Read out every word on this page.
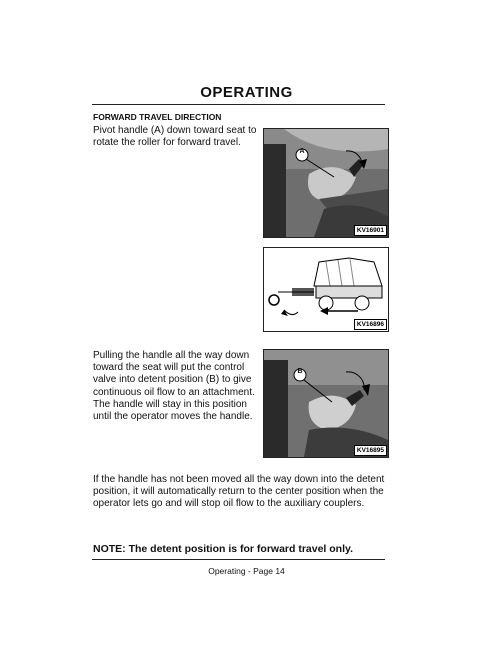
OPERATING
FORWARD TRAVEL DIRECTION
Pivot handle (A) down toward seat to rotate the roller for forward travel.
A
KV16901
KV16896
Pulling the handle all the way down toward the seat will put the control valve into detent position (B) to give continuous oil flow to an attachment. The handle will stay in this position until the operator moves the handle.
B
KV16895
If the handle has not been moved all the way down into the detent position, it will automatically return to the center position when the operator lets go and will stop oil flow to the auxiliary couplers.
NOTE: The detent position is for forward travel only.
Operating - Page 14
